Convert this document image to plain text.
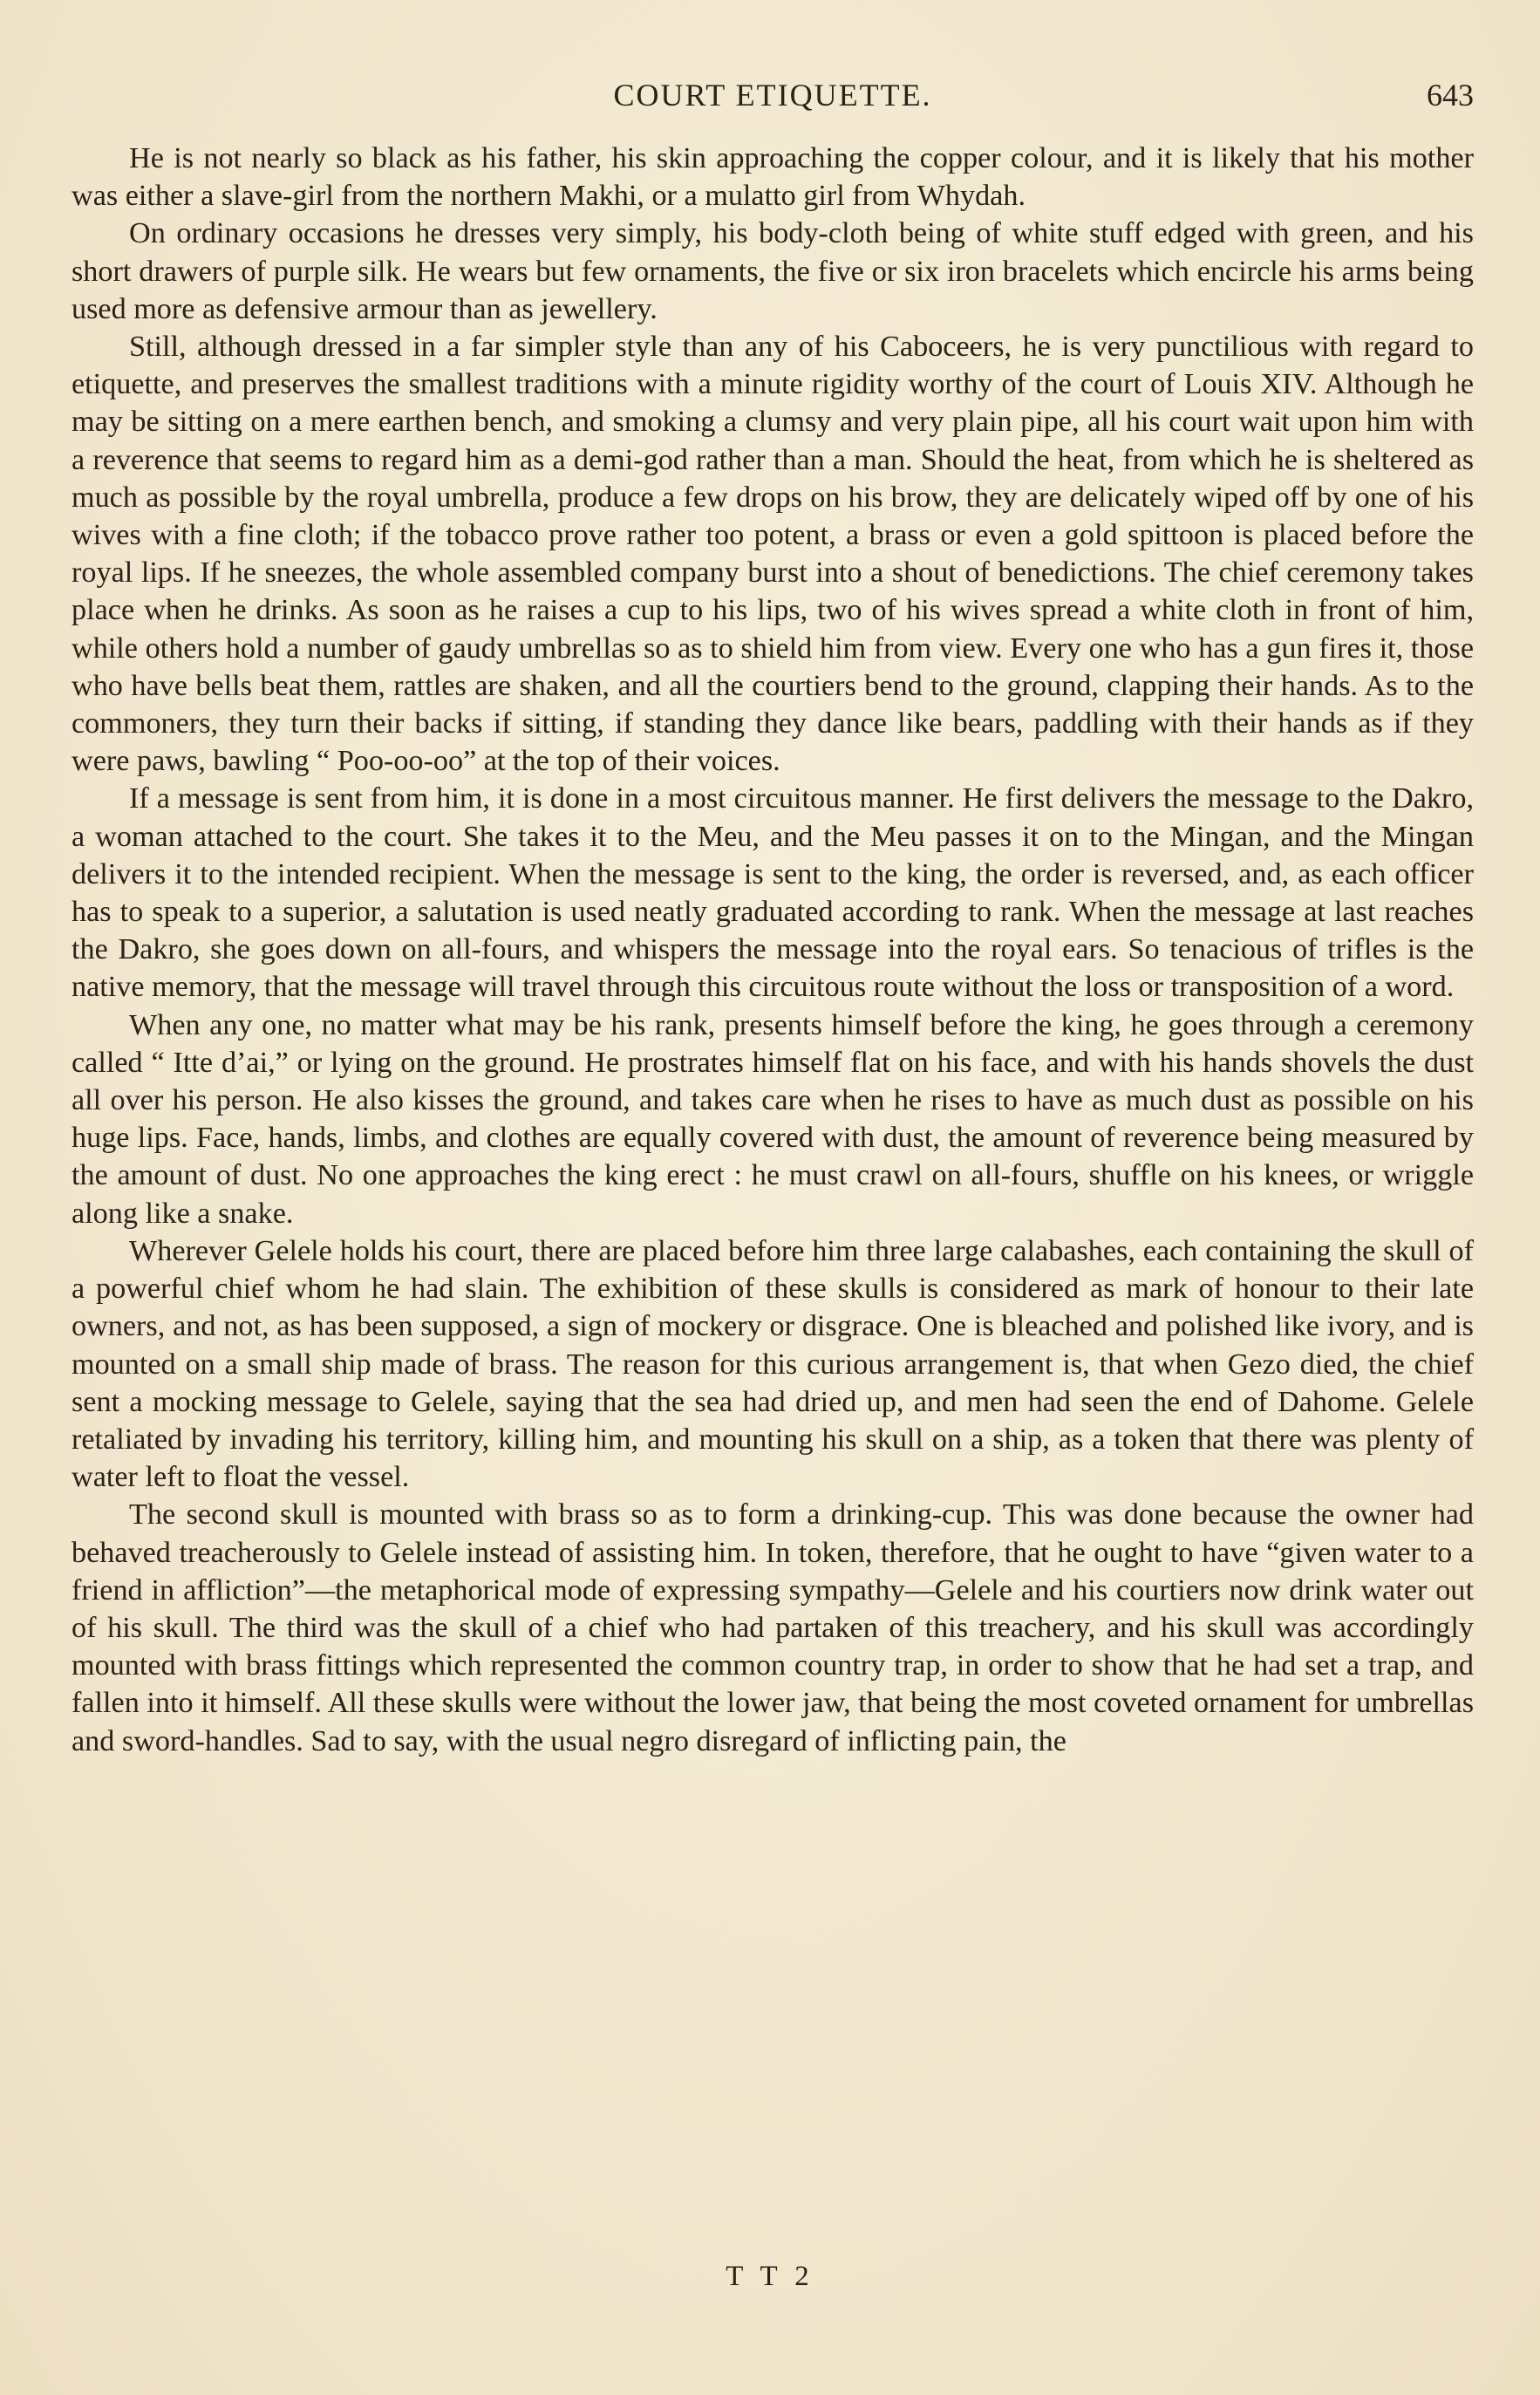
COURT ETIQUETTE.	643

He is not nearly so black as his father, his skin approaching the copper colour, and it is likely that his mother was either a slave-girl from the northern Makhi, or a mulatto girl from Whydah.

On ordinary occasions he dresses very simply, his body-cloth being of white stuff edged with green, and his short drawers of purple silk. He wears but few ornaments, the five or six iron bracelets which encircle his arms being used more as defensive armour than as jewellery.

Still, although dressed in a far simpler style than any of his Caboceers, he is very punctilious with regard to etiquette, and preserves the smallest traditions with a minute rigidity worthy of the court of Louis XIV. Although he may be sitting on a mere earthen bench, and smoking a clumsy and very plain pipe, all his court wait upon him with a reverence that seems to regard him as a demi-god rather than a man. Should the heat, from which he is sheltered as much as possible by the royal umbrella, produce a few drops on his brow, they are delicately wiped off by one of his wives with a fine cloth; if the tobacco prove rather too potent, a brass or even a gold spittoon is placed before the royal lips. If he sneezes, the whole assembled company burst into a shout of benedictions. The chief ceremony takes place when he drinks. As soon as he raises a cup to his lips, two of his wives spread a white cloth in front of him, while others hold a number of gaudy umbrellas so as to shield him from view. Every one who has a gun fires it, those who have bells beat them, rattles are shaken, and all the courtiers bend to the ground, clapping their hands. As to the commoners, they turn their backs if sitting, if standing they dance like bears, paddling with their hands as if they were paws, bawling “ Poo-oo-oo” at the top of their voices.

If a message is sent from him, it is done in a most circuitous manner. He first delivers the message to the Dakro, a woman attached to the court. She takes it to the Meu, and the Meu passes it on to the Mingan, and the Mingan delivers it to the intended recipient. When the message is sent to the king, the order is reversed, and, as each officer has to speak to a superior, a salutation is used neatly graduated according to rank. When the message at last reaches the Dakro, she goes down on all-fours, and whispers the message into the royal ears. So tenacious of trifles is the native memory, that the message will travel through this circuitous route without the loss or transposition of a word.

When any one, no matter what may be his rank, presents himself before the king, he goes through a ceremony called “ Itte d’ai,” or lying on the ground. He prostrates himself flat on his face, and with his hands shovels the dust all over his person. He also kisses the ground, and takes care when he rises to have as much dust as possible on his huge lips. Face, hands, limbs, and clothes are equally covered with dust, the amount of reverence being measured by the amount of dust. No one approaches the king erect : he must crawl on all-fours, shuffle on his knees, or wriggle along like a snake.

Wherever Gelele holds his court, there are placed before him three large calabashes, each containing the skull of a powerful chief whom he had slain. The exhibition of these skulls is considered as mark of honour to their late owners, and not, as has been supposed, a sign of mockery or disgrace. One is bleached and polished like ivory, and is mounted on a small ship made of brass. The reason for this curious arrangement is, that when Gezo died, the chief sent a mocking message to Gelele, saying that the sea had dried up, and men had seen the end of Dahome. Gelele retaliated by invading his territory, killing him, and mounting his skull on a ship, as a token that there was plenty of water left to float the vessel.

The second skull is mounted with brass so as to form a drinking-cup. This was done because the owner had behaved treacherously to Gelele instead of assisting him. In token, therefore, that he ought to have “given water to a friend in affliction”—the metaphorical mode of expressing sympathy—Gelele and his courtiers now drink water out of his skull. The third was the skull of a chief who had partaken of this treachery, and his skull was accordingly mounted with brass fittings which represented the common country trap, in order to show that he had set a trap, and fallen into it himself. All these skulls were without the lower jaw, that being the most coveted ornament for umbrellas and sword-handles. Sad to say, with the usual negro disregard of inflicting pain, the

T T 2
